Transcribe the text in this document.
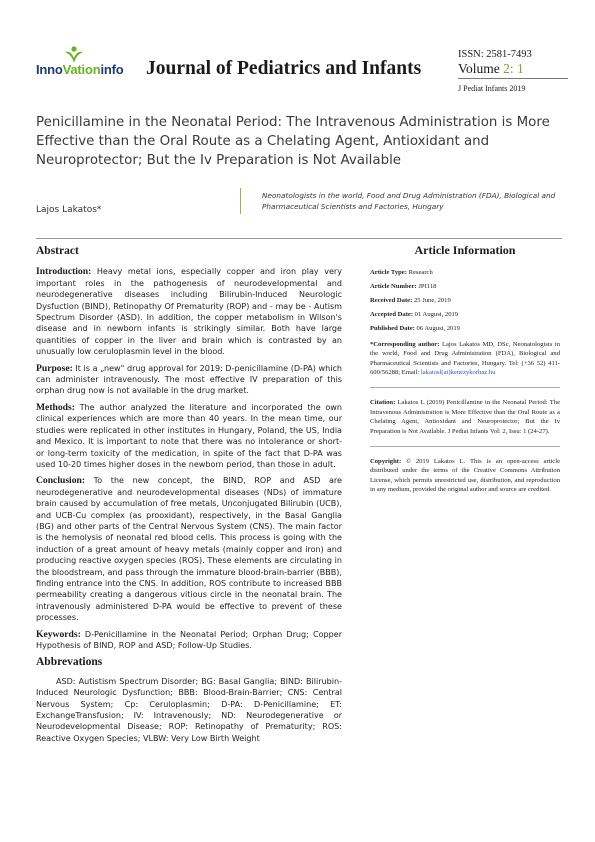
InnoVationinfo Journal of Pediatrics and Infants
ISSN: 2581-7493
Volume 2: 1
J Pediat Infants 2019
Penicillamine in the Neonatal Period: The Intravenous Administration is More Effective than the Oral Route as a Chelating Agent, Antioxidant and Neuroprotector; But the Iv Preparation is Not Available
Lajos Lakatos*
Neonatologists in the world, Food and Drug Administration (FDA), Biological and Pharmaceutical Scientists and Factories, Hungary
Abstract

Introduction: Heavy metal ions, especially copper and iron play very important roles in the pathogenesis of neurodevelopmental and neurodegenerative diseases including Bilirubin-Induced Neurologic Dysfuction (BIND), Retinopathy Of Prematurity (ROP) and - may be - Autism Spectrum Disorder (ASD). In addition, the copper metabolism in Wilson's disease and in newborn infants is strikingly similar. Both have large quantities of copper in the liver and brain which is contrasted by an unusually low ceruloplasmin level in the blood.

Purpose: It is a „new" drug approval for 2019: D-penicillamine (D-PA) which can administer intravenously. The most effective IV preparation of this orphan drug now is not available in the drug market.

Methods: The author analyzed the literature and incorporated the own clinical experiences which are more than 40 years. In the mean time, our studies were replicated in other institutes in Hungary, Poland, the US, India and Mexico. It is important to note that there was no intolerance or short- or long-term toxicity of the medication, in spite of the fact that D-PA was used 10-20 times higher doses in the newborn period, than those in adult.

Conclusion: To the new concept, the BIND, ROP and ASD are neurodegenerative and neurodevelopmental diseases (NDs) of immature brain caused by accumulation of free metals, Unconjugated Bilirubin (UCB), and UCB-Cu complex (as prooxidant), respectively, in the Basal Ganglia (BG) and other parts of the Central Nervous System (CNS). The main factor is the hemolysis of neonatal red blood cells. This process is going with the induction of a great amount of heavy metals (mainly copper and iron) and producing reactive oxygen species (ROS). These elements are circulating in the bloodstream, and pass through the immature blood-brain-barrier (BBB), finding entrance into the CNS. In addition, ROS contribute to increased BBB permeability creating a dangerous vitious circle in the neonatal brain. The intravenously administered D-PA would be effective to prevent of these processes.

Keywords: D-Penicillamine in the Neonatal Period; Orphan Drug; Copper Hypothesis of BIND, ROP and ASD; Follow-Up Studies.

Abbrevations

ASD: Autistism Spectrum Disorder; BG: Basal Ganglia; BIND: Bilirubin-Induced Neurologic Dysfunction; BBB: Blood-Brain-Barrier; CNS: Central Nervous System; Cp: Ceruloplasmin; D-PA: D-Penicillamine; ET: ExchangeTransfusion; IV: Intravenously; ND: Neurodegenerative or Neurodevelopmental Disease; ROP: Retinopathy of Prematurity; ROS: Reactive Oxygen Species; VLBW: Very Low Birth Weight

Article Information
Article Type: Research
Article Number: JPI118
Received Date: 25 June, 2019
Accepted Date: 01 August, 2019
Published Date: 06 August, 2019
*Corresponding author: Lajos Lakatos MD, DSc, Neonatologists in the world, Food and Drug Administration (FDA), Biological and Pharmaceutical Scientists and Factories, Hungary. Tel: (+36 52) 411-600/56288; Email: lakatosl(at)kenezykorhaz.hu
Citation: Lakatos L (2019) Penicillamine in the Neonatal Period: The Intravenous Administration is More Effective than the Oral Route as a Chelating Agent, Antioxidant and Neuroprotector; But the Iv Preparation is Not Available. J Pediat Infants Vol: 2, Issu: 1 (24-27).
Copyright: © 2019 Lakatos L. This is an open-access article distributed under the terms of the Creative Commons Attribution License, which permits unrestricted use, distribution, and reproduction in any medium, provided the original author and source are credited.
